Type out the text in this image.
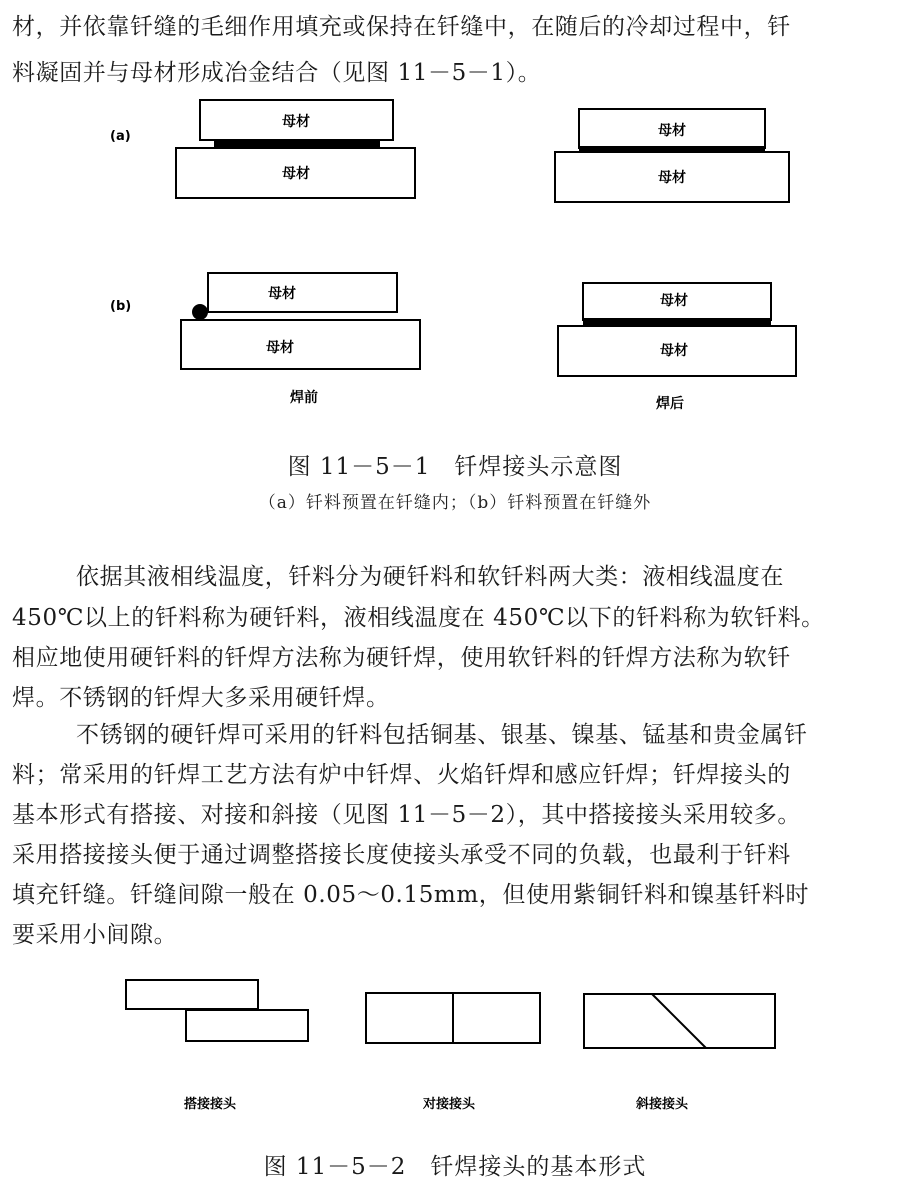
材，并依靠钎缝的毛细作用填充或保持在钎缝中，在随后的冷却过程中，钎
料凝固并与母材形成冶金结合（见图 11－5－1）。
(a)
母材
母材
母材
母材
(b)
母材
母材
焊前
母材
母材
焊后
图 11－5－1　钎焊接头示意图
（a）钎料预置在钎缝内；（b）钎料预置在钎缝外
依据其液相线温度，钎料分为硬钎料和软钎料两大类：液相线温度在
450℃以上的钎料称为硬钎料，液相线温度在 450℃以下的钎料称为软钎料。
相应地使用硬钎料的钎焊方法称为硬钎焊，使用软钎料的钎焊方法称为软钎
焊。不锈钢的钎焊大多采用硬钎焊。
不锈钢的硬钎焊可采用的钎料包括铜基、银基、镍基、锰基和贵金属钎
料；常采用的钎焊工艺方法有炉中钎焊、火焰钎焊和感应钎焊；钎焊接头的
基本形式有搭接、对接和斜接（见图 11－5－2），其中搭接接头采用较多。
采用搭接接头便于通过调整搭接长度使接头承受不同的负载，也最利于钎料
填充钎缝。钎缝间隙一般在 0.05～0.15mm，但使用紫铜钎料和镍基钎料时
要采用小间隙。
搭接接头	对接接头	斜接接头
图 11－5－2　钎焊接头的基本形式
